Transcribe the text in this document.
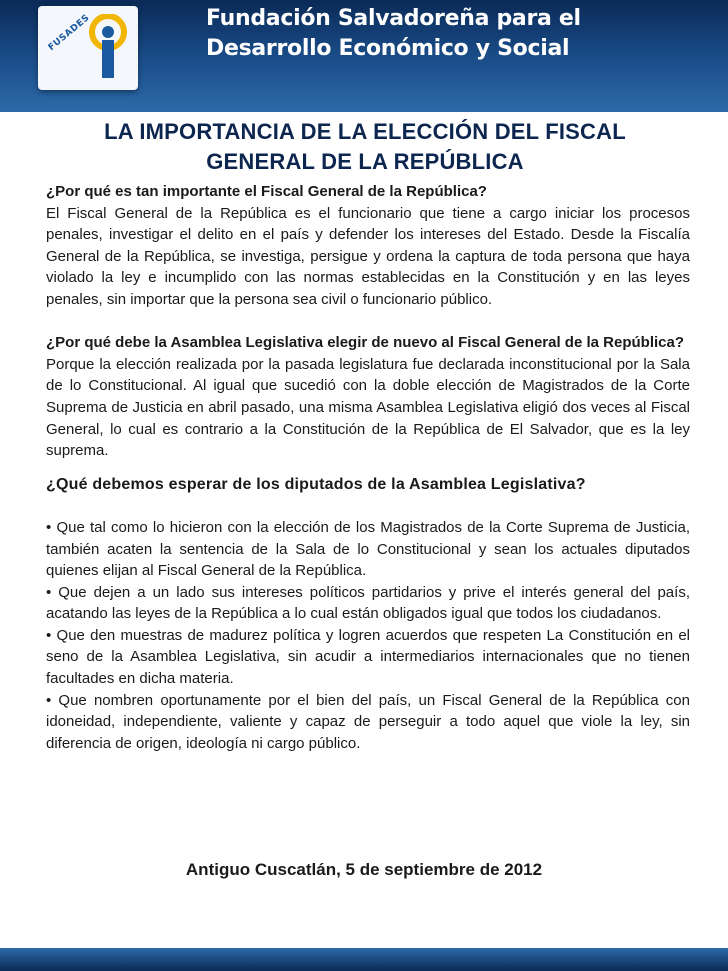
FUSADES	Fundación Salvadoreña para el
Desarrollo Económico y Social
LA IMPORTANCIA DE LA ELECCIÓN DEL FISCAL
GENERAL DE LA REPÚBLICA

¿Por qué es tan importante el Fiscal General de la República?

El Fiscal General de la República es el funcionario que tiene a cargo iniciar los procesos penales, investigar el delito en el país y defender los intereses del Estado. Desde la Fiscalía General de la República, se investiga, persigue y ordena la captura de toda persona que haya violado la ley e incumplido con las normas establecidas en la Constitución y en las leyes penales, sin importar que la persona sea civil o funcionario público.

¿Por qué debe la Asamblea Legislativa elegir de nuevo al Fiscal General de la República?

Porque la elección realizada por la pasada legislatura fue declarada inconstitucional por la Sala de lo Constitucional. Al igual que sucedió con la doble elección de Magistrados de la Corte Suprema de Justicia en abril pasado, una misma Asamblea Legislativa eligió dos veces al Fiscal General, lo cual es contrario a la Constitución de la República de El Salvador, que es la ley suprema.

¿Qué debemos esperar de los diputados de la Asamblea Legislativa?

• Que tal como lo hicieron con la elección de los Magistrados de la Corte Suprema de Justicia, también acaten la sentencia de la Sala de lo Constitucional y sean los actuales diputados quienes elijan al Fiscal General de la República.

• Que dejen a un lado sus intereses políticos partidarios y prive el interés general del país, acatando las leyes de la República a lo cual están obligados igual que todos los ciudadanos.

• Que den muestras de madurez política y logren acuerdos que respeten La Constitución en el seno de la Asamblea Legislativa, sin acudir a intermediarios internacionales que no tienen facultades en dicha materia.

• Que nombren oportunamente por el bien del país, un Fiscal General de la República con idoneidad, independiente, valiente y capaz de perseguir a todo aquel que viole la ley, sin diferencia de origen, ideología ni cargo público.

Antiguo Cuscatlán, 5 de septiembre de 2012
